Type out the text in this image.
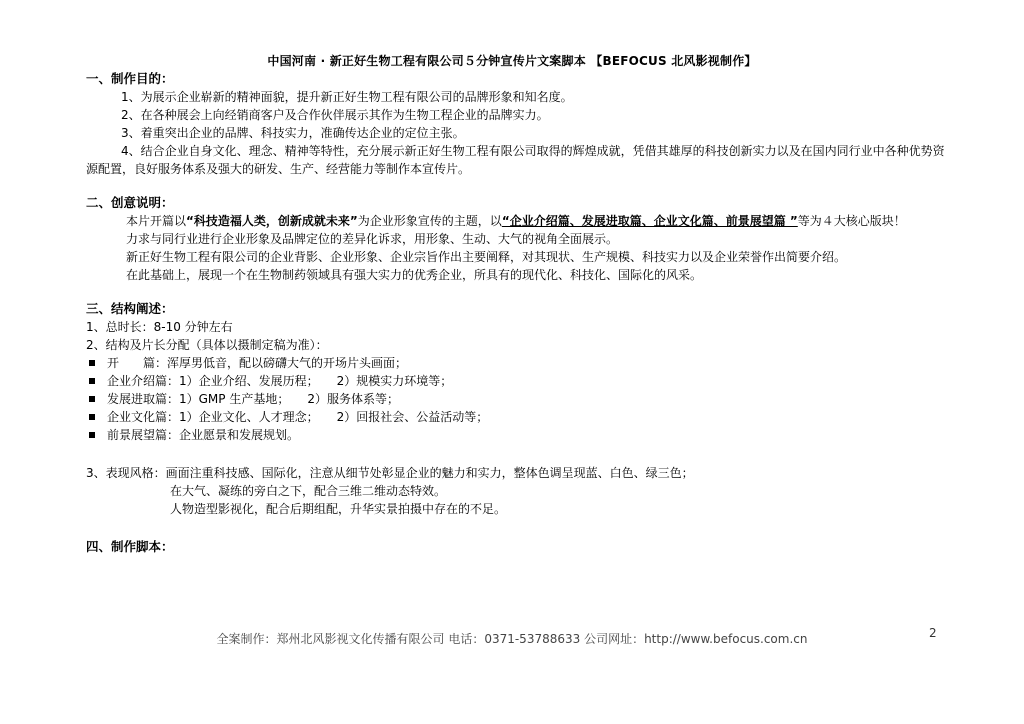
中国河南 · 新正好生物工程有限公司５分钟宣传片文案脚本 【BEFOCUS 北风影视制作】
一、制作目的：
1、为展示企业崭新的精神面貌，提升新正好生物工程有限公司的品牌形象和知名度。
2、在各种展会上向经销商客户及合作伙伴展示其作为生物工程企业的品牌实力。
3、着重突出企业的品牌、科技实力，准确传达企业的定位主张。
4、结合企业自身文化、理念、精神等特性，充分展示新正好生物工程有限公司取得的辉煌成就，凭借其雄厚的科技创新实力以及在国内同行业中各种优势资源配置，良好服务体系及强大的研发、生产、经营能力等制作本宣传片。
二、创意说明：
本片开篇以“科技造福人类，创新成就未来”为企业形象宣传的主题，以“企业介绍篇、发展进取篇、企业文化篇、前景展望篇 ”等为４大核心版块！
力求与同行业进行企业形象及品牌定位的差异化诉求，用形象、生动、大气的视角全面展示。
新正好生物工程有限公司的企业背影、企业形象、企业宗旨作出主要阐释，对其现状、生产规模、科技实力以及企业荣誉作出简要介绍。
在此基础上，展现一个在生物制药领域具有强大实力的优秀企业，所具有的现代化、科技化、国际化的风采。
三、结构阐述：
1、总时长：8-10 分钟左右
2、结构及片长分配（具体以摄制定稿为准）：
开　　篇：浑厚男低音，配以磅礴大气的开场片头画面；
企业介绍篇：1）企业介绍、发展历程；　　2）规模实力环境等；
发展进取篇：1）GMP 生产基地；　　2）服务体系等；
企业文化篇：1）企业文化、人才理念；　　2）回报社会、公益活动等；
前景展望篇：企业愿景和发展规划。
3、表现风格：画面注重科技感、国际化，注意从细节处彰显企业的魅力和实力，整体色调呈现蓝、白色、绿三色；
在大气、凝练的旁白之下，配合三维二维动态特效。
人物造型影视化，配合后期组配，升华实景拍摄中存在的不足。
四、制作脚本：
全案制作：郑州北风影视文化传播有限公司 电话：0371-53788633 公司网址：http://www.befocus.com.cn	2
